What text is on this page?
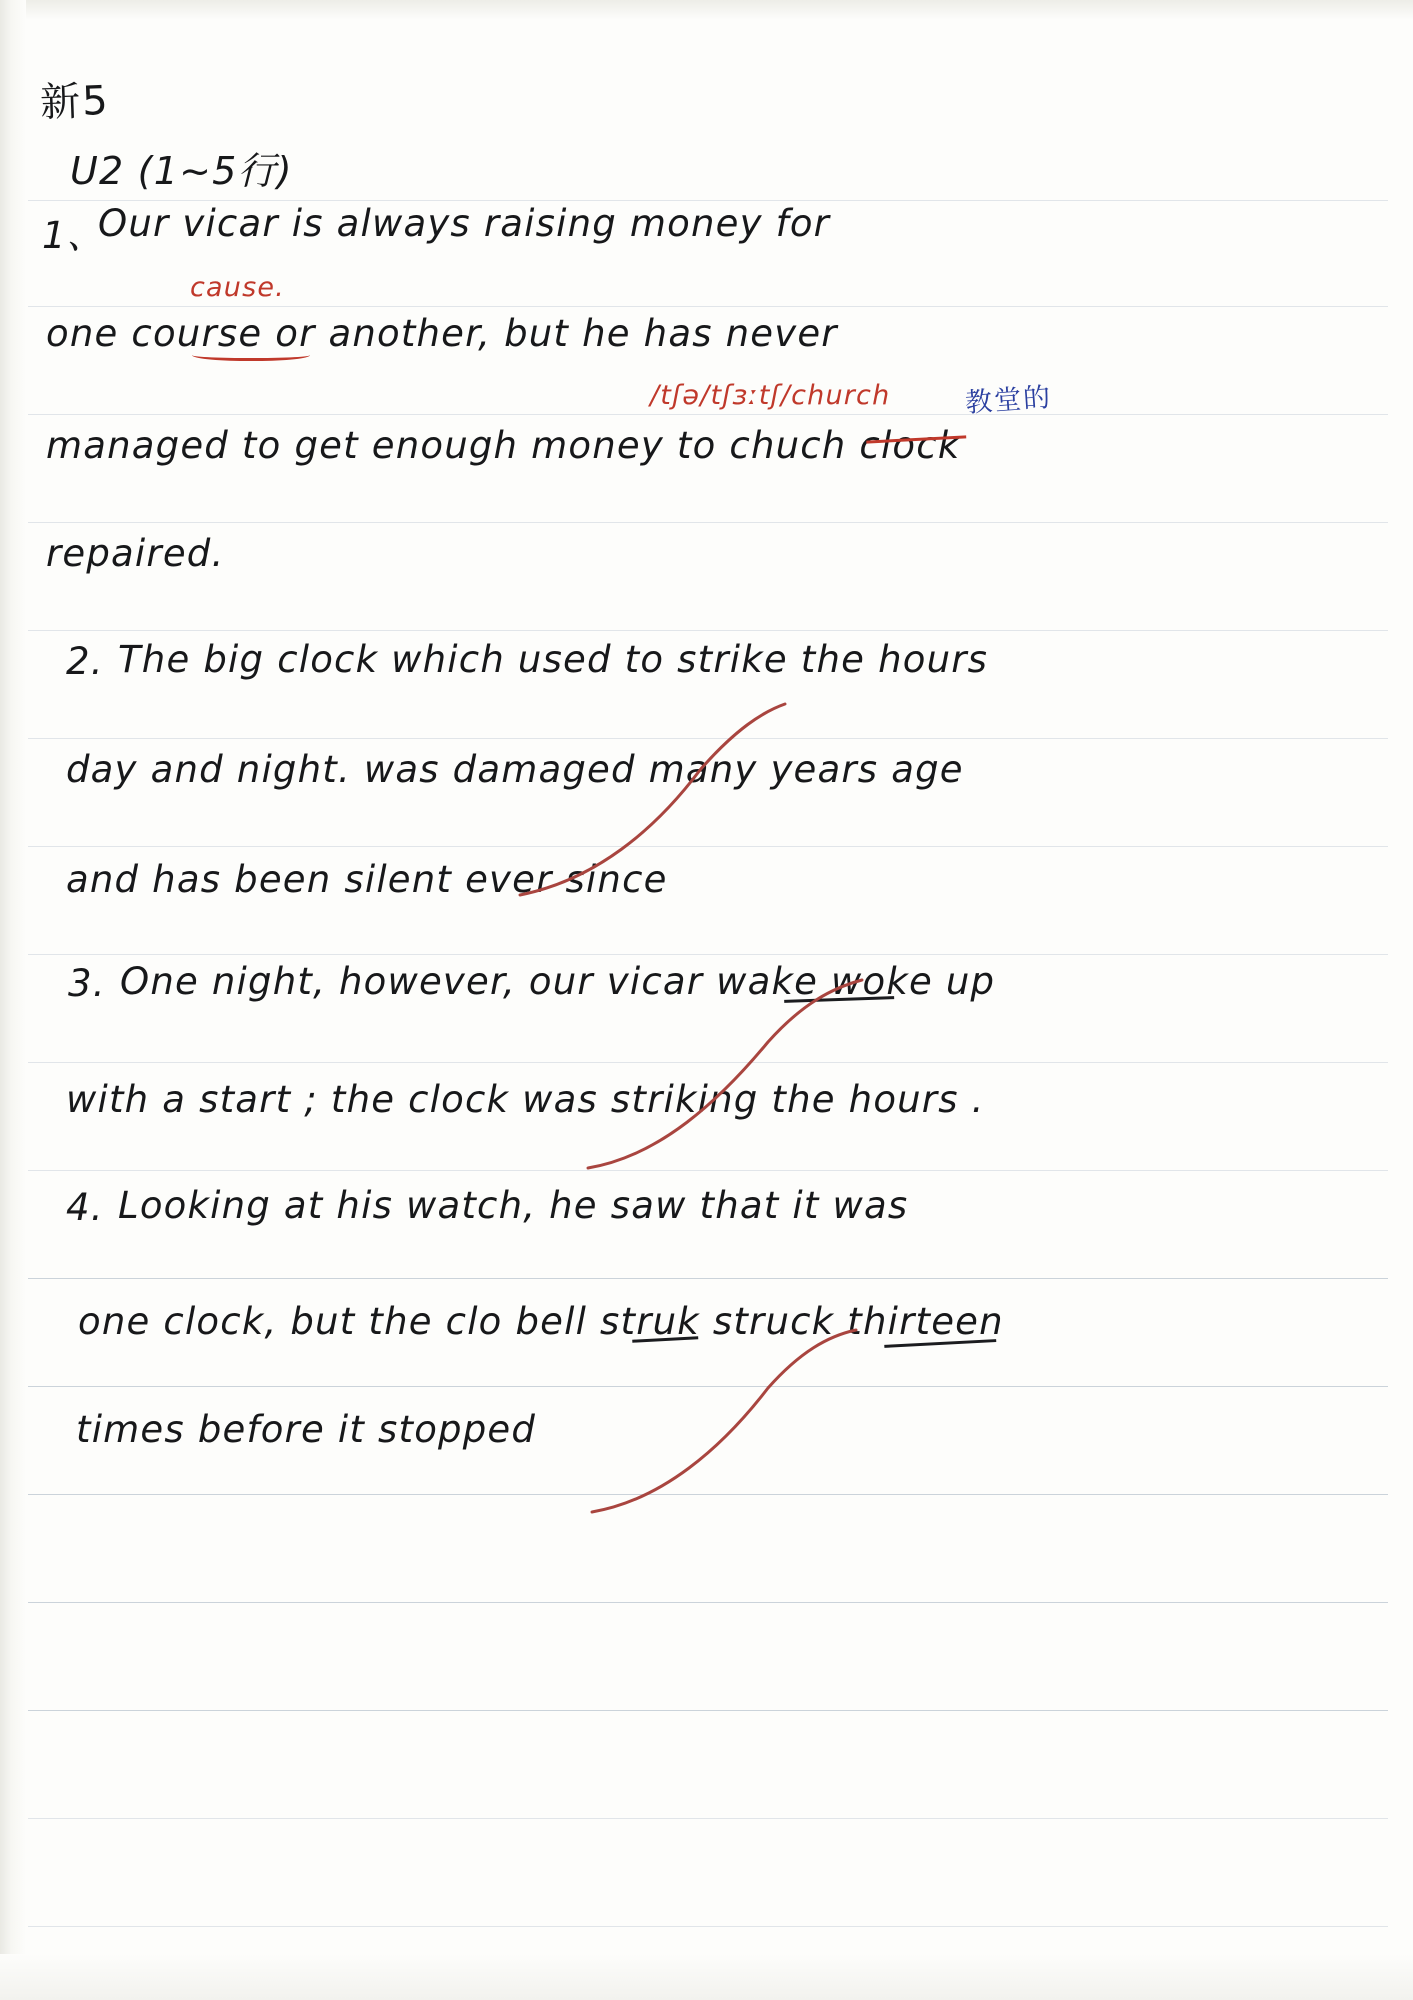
新5
U2 (1~5行)
1、
Our vicar is always raising money for
cause.
one course or another, but he has never
/tʃə/tʃɜːtʃ/church	教堂的
managed to get enough money to chuch clock
repaired.
2. The big clock which used to strike the hours
day and night. was damaged many years age
and has been silent ever since
3. One night, however, our vicar wake woke up
with a start ; the clock was striking the hours .
4. Looking at his watch, he saw that it was
one clock, but the clo bell struk struck thirteen
times before it stopped
